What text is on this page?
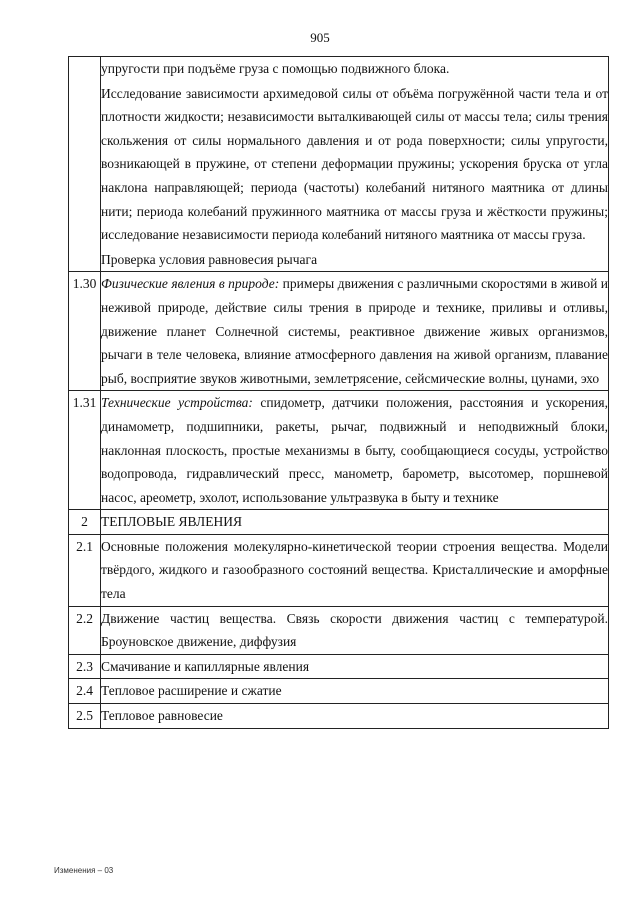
905

	упругости при подъёме груза с помощью подвижного блока.
Исследование зависимости архимедовой силы от объёма погружённой части тела и от плотности жидкости; независимости выталкивающей силы от массы тела; силы трения скольжения от силы нормального давления и от рода поверхности; силы упругости, возникающей в пружине, от степени деформации пружины; ускорения бруска от угла наклона направляющей; периода (частоты) колебаний нитяного маятника от длины нити; периода колебаний пружинного маятника от массы груза и жёсткости пружины; исследование независимости периода колебаний нитяного маятника от массы груза.
Проверка условия равновесия рычага

1.30	Физические явления в природе: примеры движения с различными скоростями в живой и неживой природе, действие силы трения в природе и технике, приливы и отливы, движение планет Солнечной системы, реактивное движение живых организмов, рычаги в теле человека, влияние атмосферного давления на живой организм, плавание рыб, восприятие звуков животными, землетрясение, сейсмические волны, цунами, эхо

1.31	Технические устройства: спидометр, датчики положения, расстояния и ускорения, динамометр, подшипники, ракеты, рычаг, подвижный и неподвижный блоки, наклонная плоскость, простые механизмы в быту, сообщающиеся сосуды, устройство водопровода, гидравлический пресс, манометр, барометр, высотомер, поршневой насос, ареометр, эхолот, использование ультразвука в быту и технике

2	ТЕПЛОВЫЕ ЯВЛЕНИЯ

2.1	Основные положения молекулярно-кинетической теории строения вещества. Модели твёрдого, жидкого и газообразного состояний вещества. Кристаллические и аморфные тела

2.2	Движение частиц вещества. Связь скорости движения частиц с температурой. Броуновское движение, диффузия

2.3	Смачивание и капиллярные явления

2.4	Тепловое расширение и сжатие

2.5	Тепловое равновесие
Изменения – 03
